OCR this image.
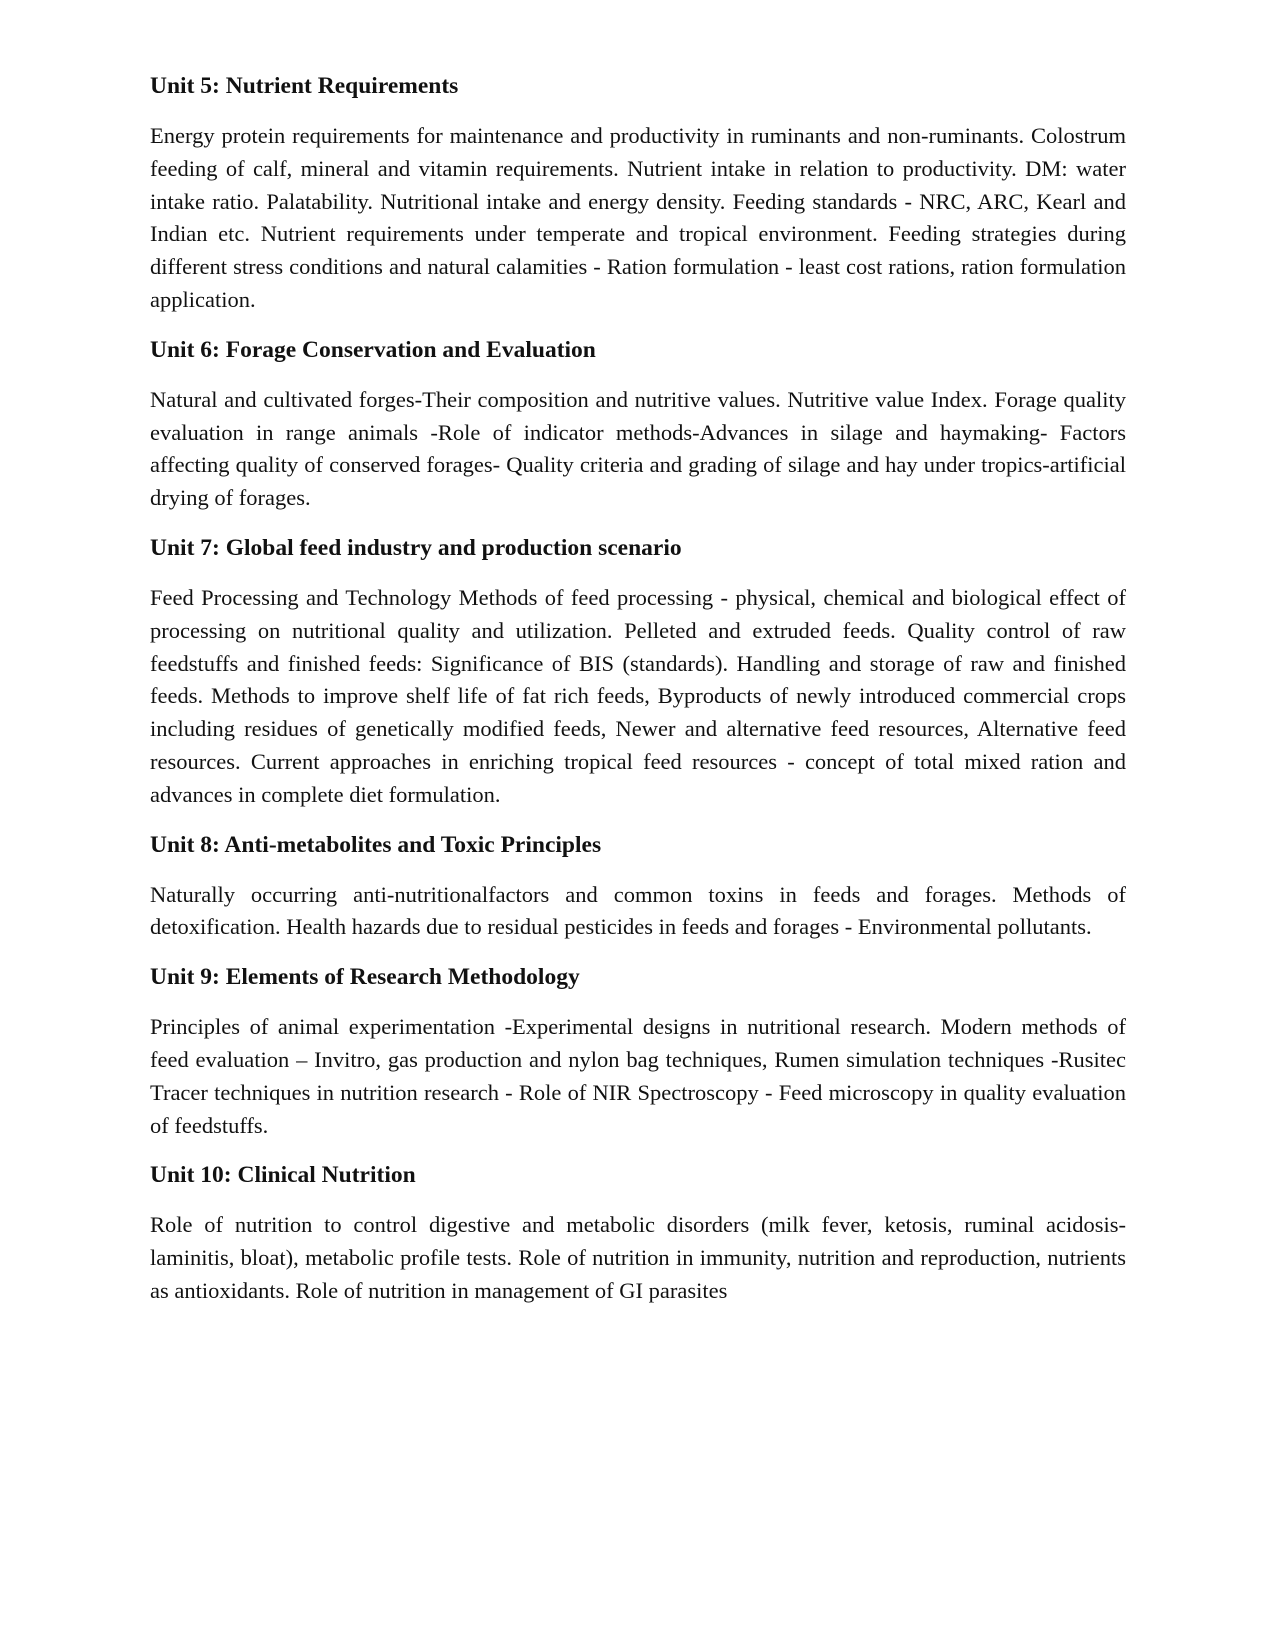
Unit 5: Nutrient Requirements

Energy protein requirements for maintenance and productivity in ruminants and non-ruminants. Colostrum feeding of calf, mineral and vitamin requirements. Nutrient intake in relation to productivity. DM: water intake ratio. Palatability. Nutritional intake and energy density. Feeding standards - NRC, ARC, Kearl and Indian etc. Nutrient requirements under temperate and tropical environment. Feeding strategies during different stress conditions and natural calamities - Ration formulation - least cost rations, ration formulation application.

Unit 6: Forage Conservation and Evaluation

Natural and cultivated forges-Their composition and nutritive values. Nutritive value Index. Forage quality evaluation in range animals -Role of indicator methods-Advances in silage and haymaking- Factors affecting quality of conserved forages- Quality criteria and grading of silage and hay under tropics-artificial drying of forages.

Unit 7: Global feed industry and production scenario

Feed Processing and Technology Methods of feed processing - physical, chemical and biological effect of processing on nutritional quality and utilization. Pelleted and extruded feeds. Quality control of raw feedstuffs and finished feeds: Significance of BIS (standards). Handling and storage of raw and finished feeds. Methods to improve shelf life of fat rich feeds, Byproducts of newly introduced commercial crops including residues of genetically modified feeds, Newer and alternative feed resources, Alternative feed resources. Current approaches in enriching tropical feed resources - concept of total mixed ration and advances in complete diet formulation.

Unit 8: Anti-metabolites and Toxic Principles

Naturally occurring anti-nutritionalfactors and common toxins in feeds and forages. Methods of detoxification. Health hazards due to residual pesticides in feeds and forages - Environmental pollutants.

Unit 9: Elements of Research Methodology

Principles of animal experimentation -Experimental designs in nutritional research. Modern methods of feed evaluation – Invitro, gas production and nylon bag techniques, Rumen simulation techniques -Rusitec Tracer techniques in nutrition research - Role of NIR Spectroscopy - Feed microscopy in quality evaluation of feedstuffs.

Unit 10: Clinical Nutrition

Role of nutrition to control digestive and metabolic disorders (milk fever, ketosis, ruminal acidosis-laminitis, bloat), metabolic profile tests. Role of nutrition in immunity, nutrition and reproduction, nutrients as antioxidants. Role of nutrition in management of GI parasites
